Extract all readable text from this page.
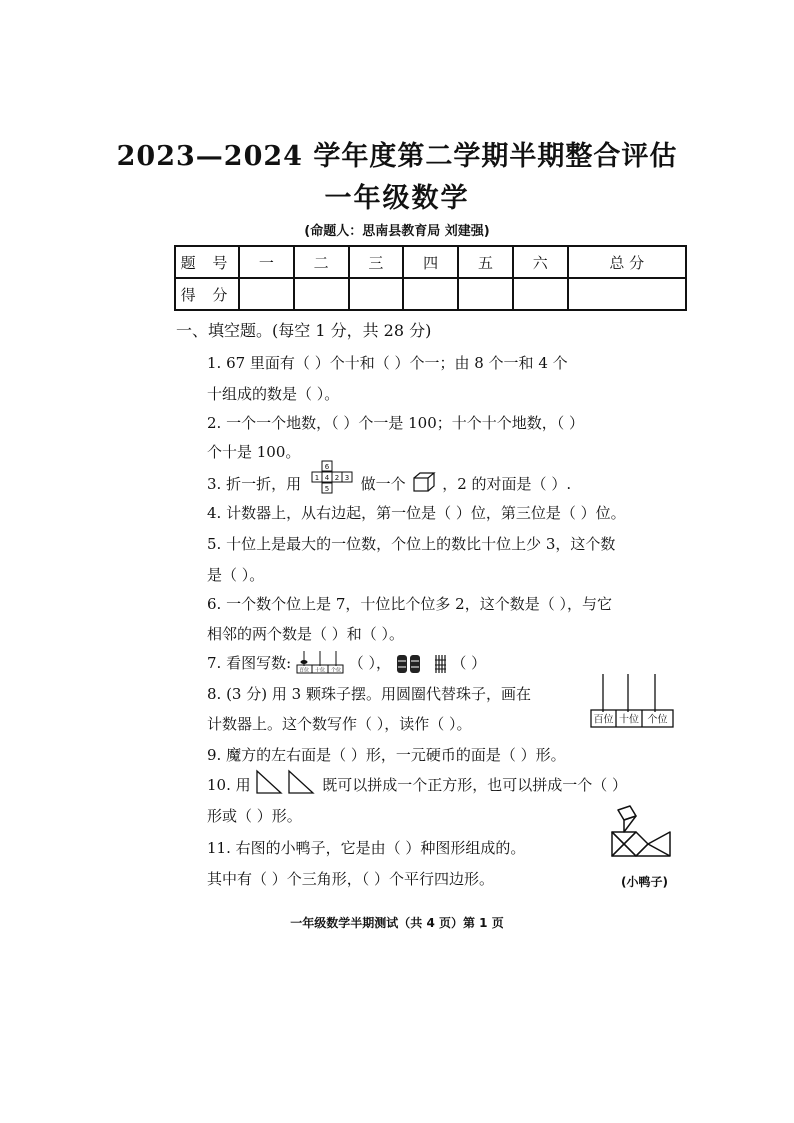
2023—2024 学年度第二学期半期整合评估
一年级数学
(命题人：思南县教育局 刘建强)
题 号	一	二	三	四	五	六	总 分
得 分							
一、填空题。(每空 1 分，共 28 分)
1. 67 里面有（ ）个十和（ ）个一；由 8 个一和 4 个
十组成的数是（ ）。
2. 一个一个地数，（ ）个一是 100；十个十个地数，（ ）
个十是 100。
3. 折一折，用
6
1 4 2 3
5 做一个 ，2 的对面是（ ）.
4. 计数器上，从右边起，第一位是（ ）位，第三位是（ ）位。
5. 十位上是最大的一位数，个位上的数比十位上少 3，这个数
是（ ）。
6. 一个数个位上是 7，十位比个位多 2，这个数是（ ），与它
相邻的两个数是（ ）和（ ）。
7. 看图写数: 百位 十位 个位 （ ），	（ ）
8. (3 分) 用 3 颗珠子摆。用圆圈代替珠子，画在
计数器上。这个数写作（ ），读作（ ）。	百位 十位 个位
9. 魔方的左右面是（ ）形，一元硬币的面是（ ）形。
10. 用	既可以拼成一个正方形，也可以拼成一个（ ）
形或（ ）形。
11. 右图的小鸭子，它是由（ ）种图形组成的。
其中有（ ）个三角形，（ ）个平行四边形。	(小鸭子)
一年级数学半期测试（共 4 页）第 1 页
